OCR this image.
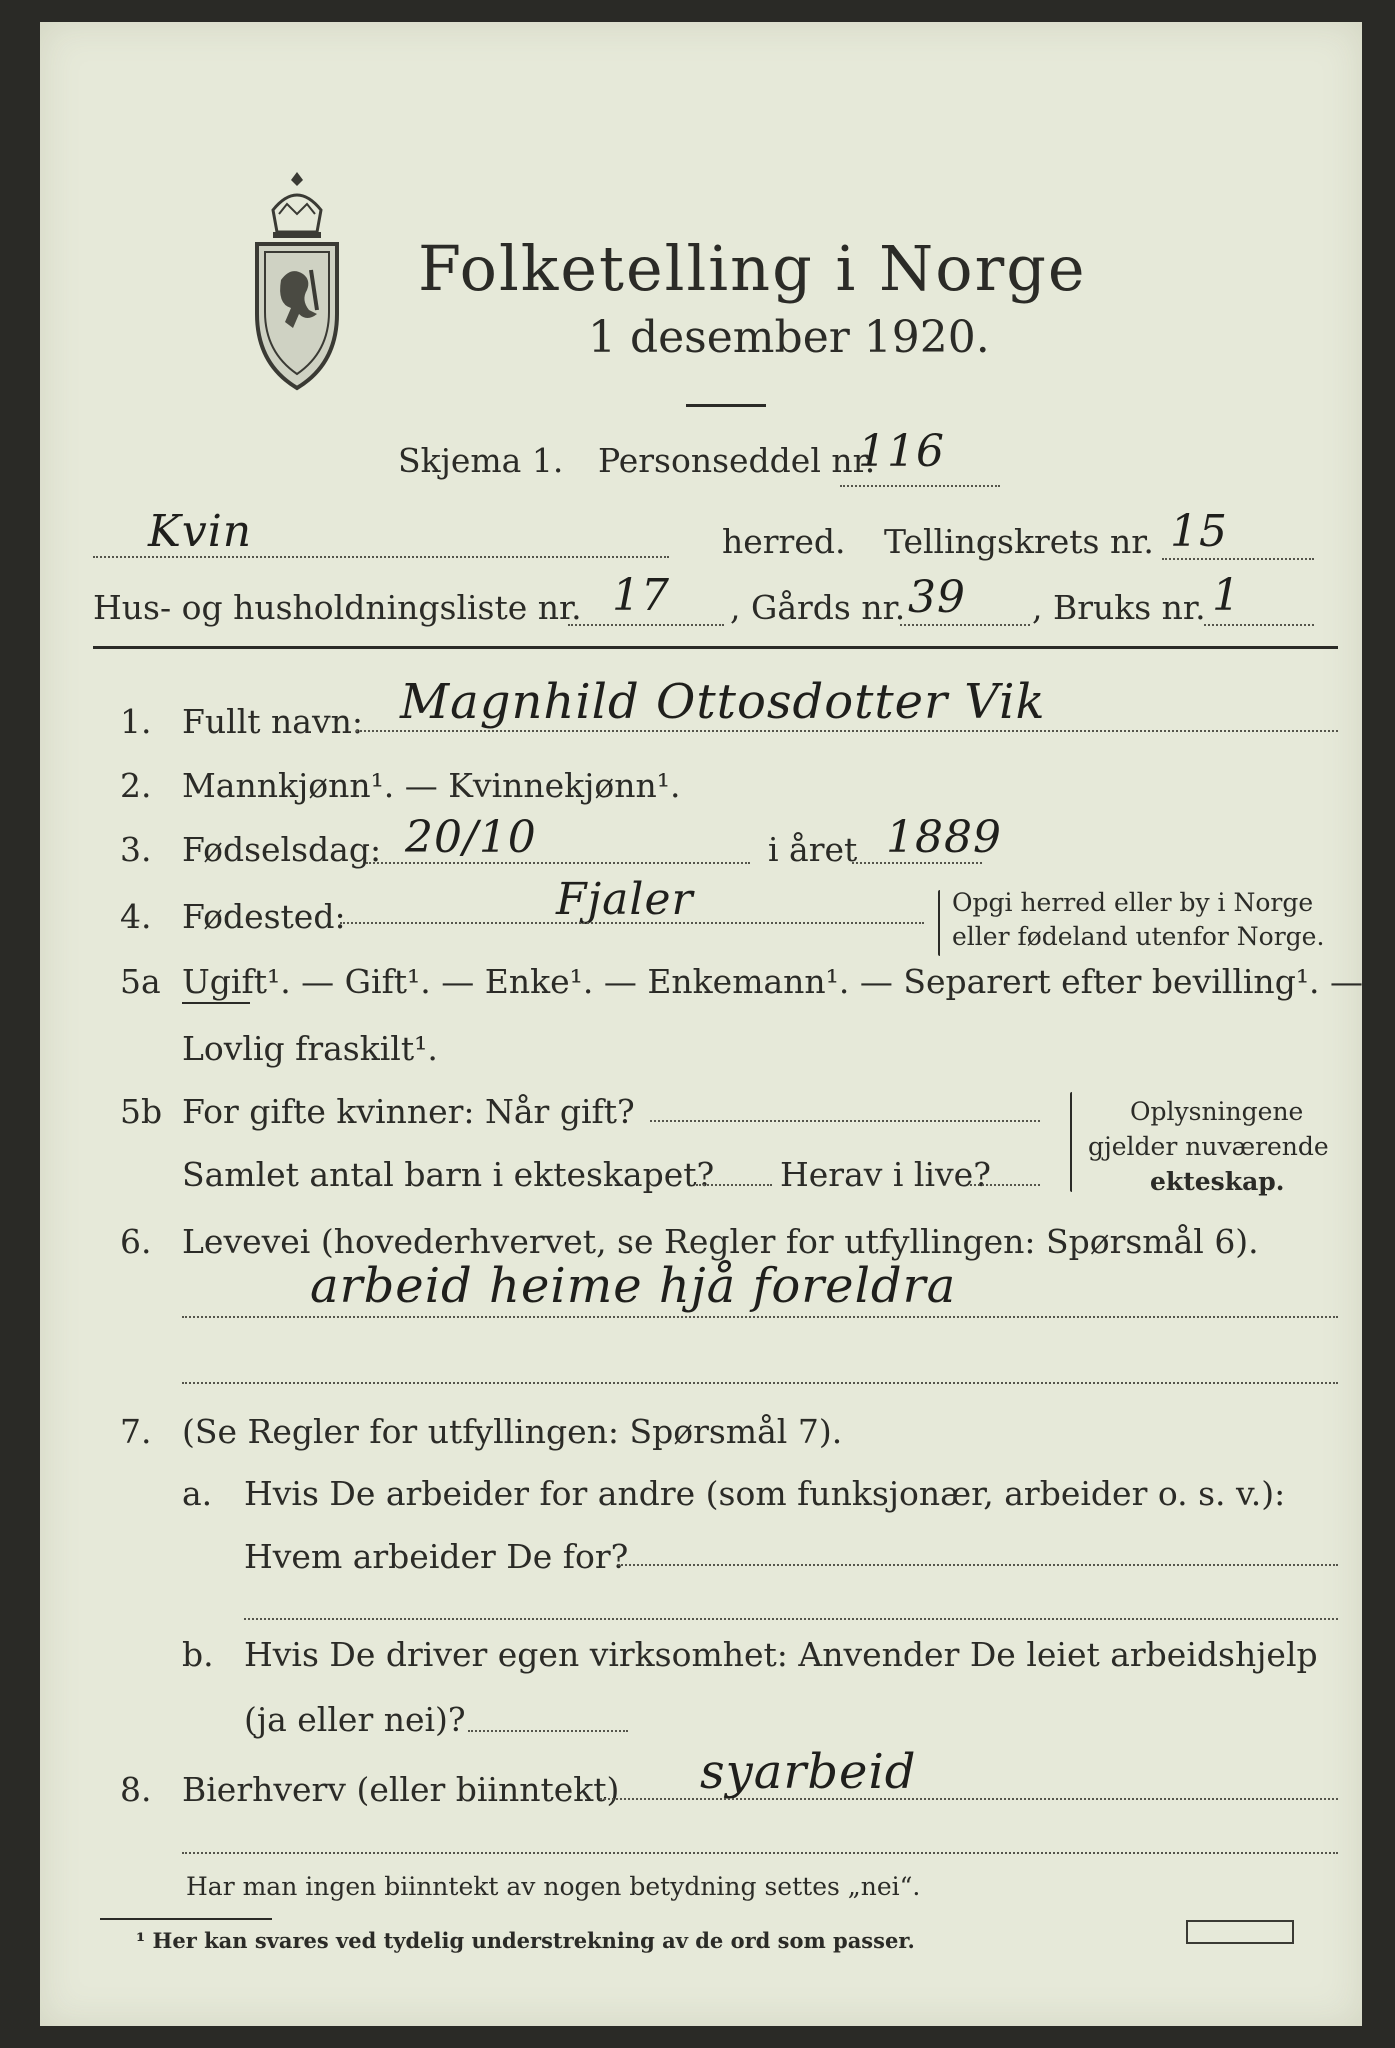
Folketelling i Norge
1 desember 1920.
Skjema 1. Personseddel nr.
116
Kvin	herred. Tellingskrets nr. 15
Hus- og husholdningsliste nr. 17 , Gårds nr. 39 , Bruks nr. 1
1. Fullt navn: Magnhild Ottosdotter Vik
2. Mannkjønn¹. — Kvinnekjønn¹.
3. Fødselsdag: 20/10	i året 1889
4. Fødested:	Fjaler	Opgi herred eller by i Norge
eller fødeland utenfor Norge.
5a Ugift¹. — Gift¹. — Enke¹. — Enkemann¹. — Separert efter bevilling¹. —
Lovlig fraskilt¹.
5b For gifte kvinner: Når gift?
Samlet antal barn i ekteskapet? Herav i live?
Oplysningene
gjelder nuværende
ekteskap.
6. Levevei (hovederhvervet, se Regler for utfyllingen: Spørsmål 6).
arbeid heime hjå foreldra
7. (Se Regler for utfyllingen: Spørsmål 7).
a. Hvis De arbeider for andre (som funksjonær, arbeider o. s. v.):
Hvem arbeider De for?
b. Hvis De driver egen virksomhet: Anvender De leiet arbeidshjelp
(ja eller nei)?
8. Bierhverv (eller biinntekt) syarbeid
Har man ingen biinntekt av nogen betydning settes „nei“.
¹ Her kan svares ved tydelig understrekning av de ord som passer.
